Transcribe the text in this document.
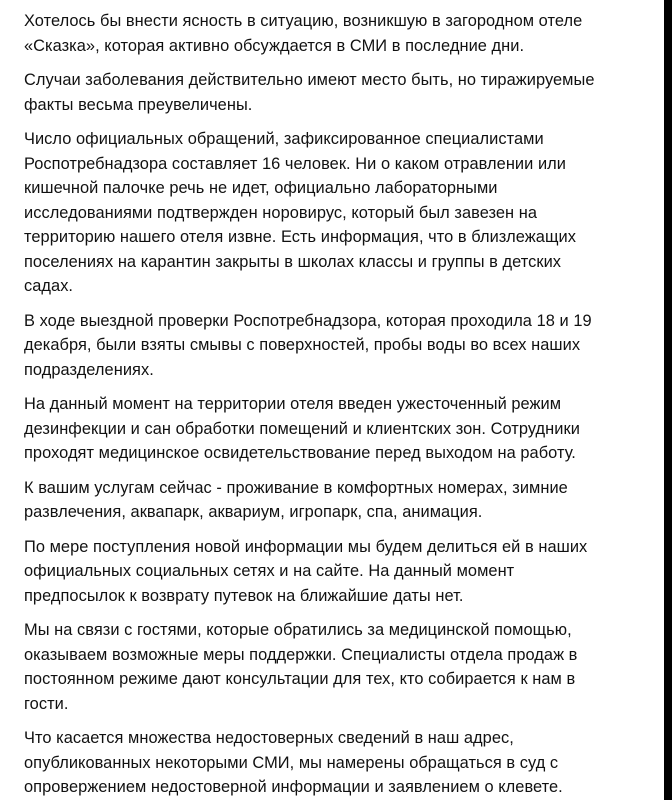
Хотелось бы внести ясность в ситуацию, возникшую в загородном отеле
«Сказка», которая активно обсуждается в СМИ в последние дни.

Случаи заболевания действительно имеют место быть, но тиражируемые
факты весьма преувеличены.

Число официальных обращений, зафиксированное специалистами
Роспотребнадзора составляет 16 человек. Ни о каком отравлении или
кишечной палочке речь не идет, официально лабораторными
исследованиями подтвержден норовирус, который был завезен на
территорию нашего отеля извне. Есть информация, что в близлежащих
поселениях на карантин закрыты в школах классы и группы в детских
садах.

В ходе выездной проверки Роспотребнадзора, которая проходила 18 и 19
декабря, были взяты смывы с поверхностей, пробы воды во всех наших
подразделениях.

На данный момент на территории отеля введен ужесточенный режим
дезинфекции и сан обработки помещений и клиентских зон. Сотрудники
проходят медицинское освидетельствование перед выходом на работу.

К вашим услугам сейчас - проживание в комфортных номерах, зимние
развлечения, аквапарк, аквариум, игропарк, спа, анимация.

По мере поступления новой информации мы будем делиться ей в наших
официальных социальных сетях и на сайте. На данный момент
предпосылок к возврату путевок на ближайшие даты нет.

Мы на связи с гостями, которые обратились за медицинской помощью,
оказываем возможные меры поддержки. Специалисты отдела продаж в
постоянном режиме дают консультации для тех, кто собирается к нам в
гости.

Что касается множества недостоверных сведений в наш адрес,
опубликованных некоторыми СМИ, мы намерены обращаться в суд с
опровержением недостоверной информации и заявлением о клевете.
